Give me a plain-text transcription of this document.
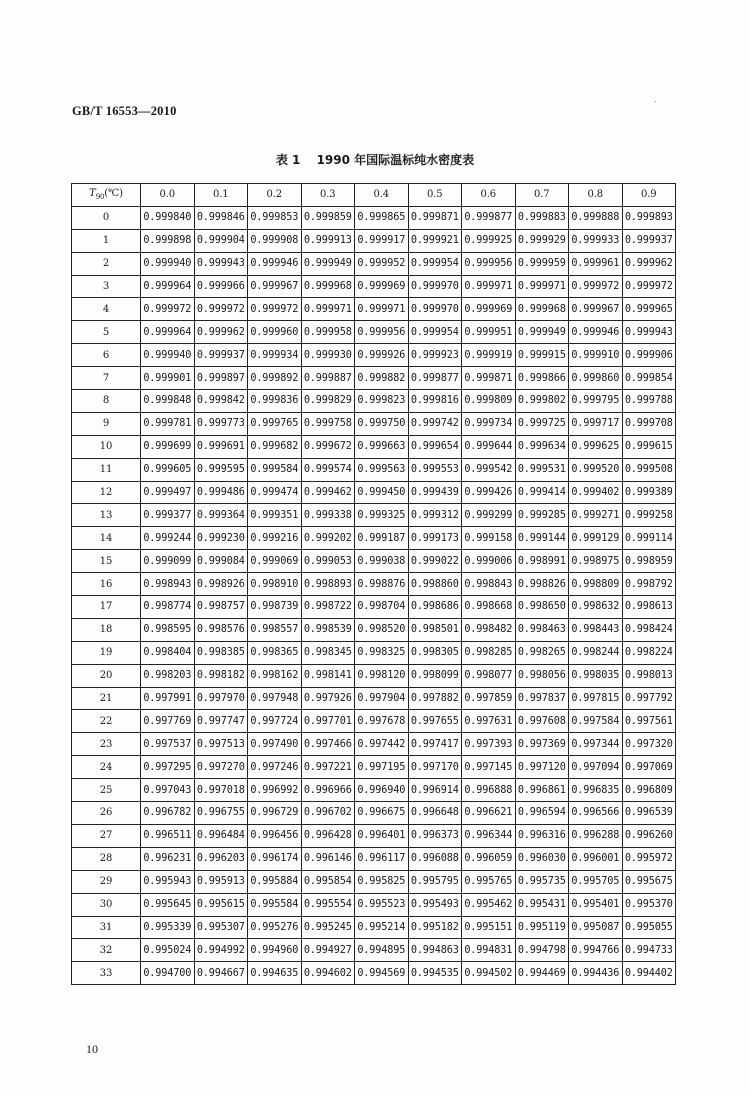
GB/T 16553—2010
表 1 1990 年国际温标纯水密度表
$T_{90}(℃)$	0.0	0.1	0.2	0.3	0.4	0.5	0.6	0.7	0.8	0.9
0	0.999840	0.999846	0.999853	0.999859	0.999865	0.999871	0.999877	0.999883	0.999888	0.999893
1	0.999898	0.999904	0.999908	0.999913	0.999917	0.999921	0.999925	0.999929	0.999933	0.999937
2	0.999940	0.999943	0.999946	0.999949	0.999952	0.999954	0.999956	0.999959	0.999961	0.999962
3	0.999964	0.999966	0.999967	0.999968	0.999969	0.999970	0.999971	0.999971	0.999972	0.999972
4	0.999972	0.999972	0.999972	0.999971	0.999971	0.999970	0.999969	0.999968	0.999967	0.999965
5	0.999964	0.999962	0.999960	0.999958	0.999956	0.999954	0.999951	0.999949	0.999946	0.999943
6	0.999940	0.999937	0.999934	0.999930	0.999926	0.999923	0.999919	0.999915	0.999910	0.999906
7	0.999901	0.999897	0.999892	0.999887	0.999882	0.999877	0.999871	0.999866	0.999860	0.999854
8	0.999848	0.999842	0.999836	0.999829	0.999823	0.999816	0.999809	0.999802	0.999795	0.999788
9	0.999781	0.999773	0.999765	0.999758	0.999750	0.999742	0.999734	0.999725	0.999717	0.999708
10	0.999699	0.999691	0.999682	0.999672	0.999663	0.999654	0.999644	0.999634	0.999625	0.999615
11	0.999605	0.999595	0.999584	0.999574	0.999563	0.999553	0.999542	0.999531	0.999520	0.999508
12	0.999497	0.999486	0.999474	0.999462	0.999450	0.999439	0.999426	0.999414	0.999402	0.999389
13	0.999377	0.999364	0.999351	0.999338	0.999325	0.999312	0.999299	0.999285	0.999271	0.999258
14	0.999244	0.999230	0.999216	0.999202	0.999187	0.999173	0.999158	0.999144	0.999129	0.999114
15	0.999099	0.999084	0.999069	0.999053	0.999038	0.999022	0.999006	0.998991	0.998975	0.998959
16	0.998943	0.998926	0.998910	0.998893	0.998876	0.998860	0.998843	0.998826	0.998809	0.998792
17	0.998774	0.998757	0.998739	0.998722	0.998704	0.998686	0.998668	0.998650	0.998632	0.998613
18	0.998595	0.998576	0.998557	0.998539	0.998520	0.998501	0.998482	0.998463	0.998443	0.998424
19	0.998404	0.998385	0.998365	0.998345	0.998325	0.998305	0.998285	0.998265	0.998244	0.998224
20	0.998203	0.998182	0.998162	0.998141	0.998120	0.998099	0.998077	0.998056	0.998035	0.998013
21	0.997991	0.997970	0.997948	0.997926	0.997904	0.997882	0.997859	0.997837	0.997815	0.997792
22	0.997769	0.997747	0.997724	0.997701	0.997678	0.997655	0.997631	0.997608	0.997584	0.997561
23	0.997537	0.997513	0.997490	0.997466	0.997442	0.997417	0.997393	0.997369	0.997344	0.997320
24	0.997295	0.997270	0.997246	0.997221	0.997195	0.997170	0.997145	0.997120	0.997094	0.997069
25	0.997043	0.997018	0.996992	0.996966	0.996940	0.996914	0.996888	0.996861	0.996835	0.996809
26	0.996782	0.996755	0.996729	0.996702	0.996675	0.996648	0.996621	0.996594	0.996566	0.996539
27	0.996511	0.996484	0.996456	0.996428	0.996401	0.996373	0.996344	0.996316	0.996288	0.996260
28	0.996231	0.996203	0.996174	0.996146	0.996117	0.996088	0.996059	0.996030	0.996001	0.995972
29	0.995943	0.995913	0.995884	0.995854	0.995825	0.995795	0.995765	0.995735	0.995705	0.995675
30	0.995645	0.995615	0.995584	0.995554	0.995523	0.995493	0.995462	0.995431	0.995401	0.995370
31	0.995339	0.995307	0.995276	0.995245	0.995214	0.995182	0.995151	0.995119	0.995087	0.995055
32	0.995024	0.994992	0.994960	0.994927	0.994895	0.994863	0.994831	0.994798	0.994766	0.994733
33	0.994700	0.994667	0.994635	0.994602	0.994569	0.994535	0.994502	0.994469	0.994436	0.994402
10
